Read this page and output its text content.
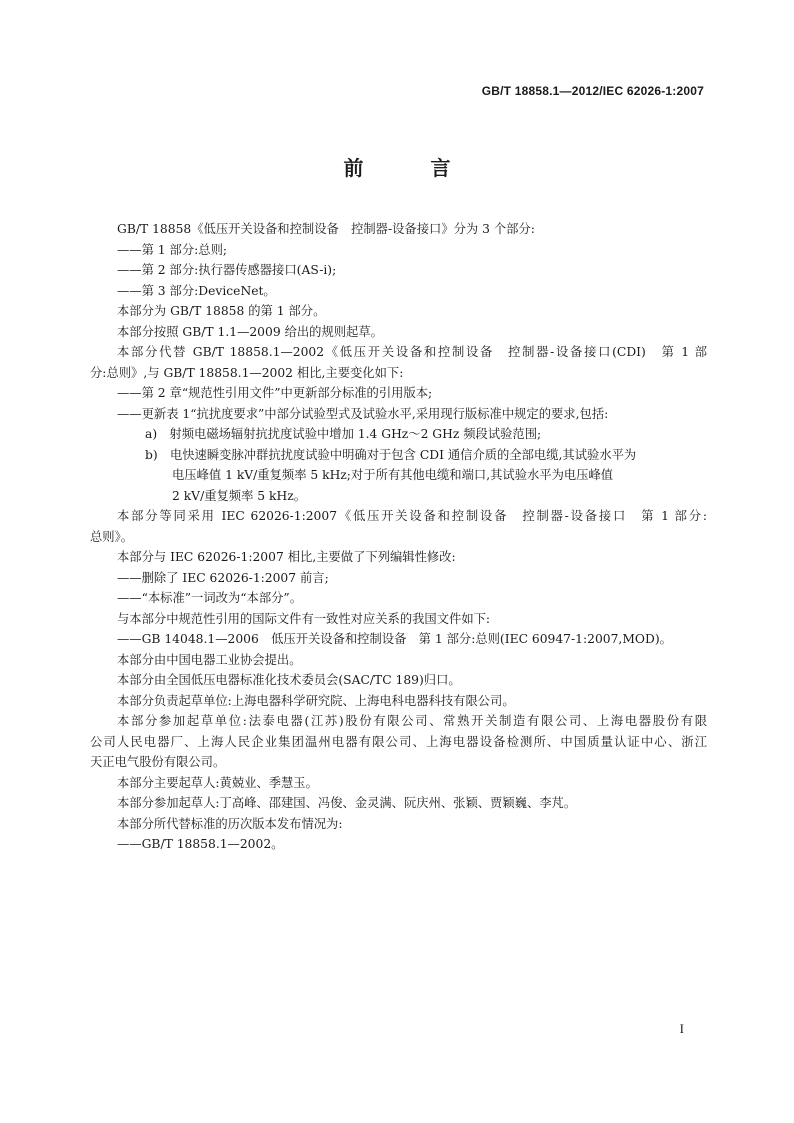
GB/T 18858.1—2012/IEC 62026-1:2007
前 言
GB/T 18858《低压开关设备和控制设备　控制器-设备接口》分为 3 个部分:
——第 1 部分:总则;
——第 2 部分:执行器传感器接口(AS-i);
——第 3 部分:DeviceNet。
本部分为 GB/T 18858 的第 1 部分。
本部分按照 GB/T 1.1—2009 给出的规则起草。
本部分代替 GB/T 18858.1—2002《低压开关设备和控制设备　控制器-设备接口(CDI)　第 1 部
分:总则》,与 GB/T 18858.1—2002 相比,主要变化如下:
——第 2 章“规范性引用文件”中更新部分标准的引用版本;
——更新表 1“抗扰度要求”中部分试验型式及试验水平,采用现行版标准中规定的要求,包括:
a)　射频电磁场辐射抗扰度试验中增加 1.4 GHz～2 GHz 频段试验范围;
b)　电快速瞬变脉冲群抗扰度试验中明确对于包含 CDI 通信介质的全部电缆,其试验水平为
电压峰值 1 kV/重复频率 5 kHz;对于所有其他电缆和端口,其试验水平为电压峰值
2 kV/重复频率 5 kHz。
本部分等同采用 IEC 62026-1:2007《低压开关设备和控制设备　控制器-设备接口　第 1 部分:
总则》。
本部分与 IEC 62026-1:2007 相比,主要做了下列编辑性修改:
——删除了 IEC 62026-1:2007 前言;
——“本标准”一词改为“本部分”。
与本部分中规范性引用的国际文件有一致性对应关系的我国文件如下:
——GB 14048.1—2006　低压开关设备和控制设备　第 1 部分:总则(IEC 60947-1:2007,MOD)。
本部分由中国电器工业协会提出。
本部分由全国低压电器标准化技术委员会(SAC/TC 189)归口。
本部分负责起草单位:上海电器科学研究院、上海电科电器科技有限公司。
本部分参加起草单位:法泰电器(江苏)股份有限公司、常熟开关制造有限公司、上海电器股份有限
公司人民电器厂、上海人民企业集团温州电器有限公司、上海电器设备检测所、中国质量认证中心、浙江
天正电气股份有限公司。
本部分主要起草人:黄兢业、季慧玉。
本部分参加起草人:丁高峰、邵建国、冯俊、金灵满、阮庆州、张颖、贾颖巍、李芃。
本部分所代替标准的历次版本发布情况为:
——GB/T 18858.1—2002。
I
